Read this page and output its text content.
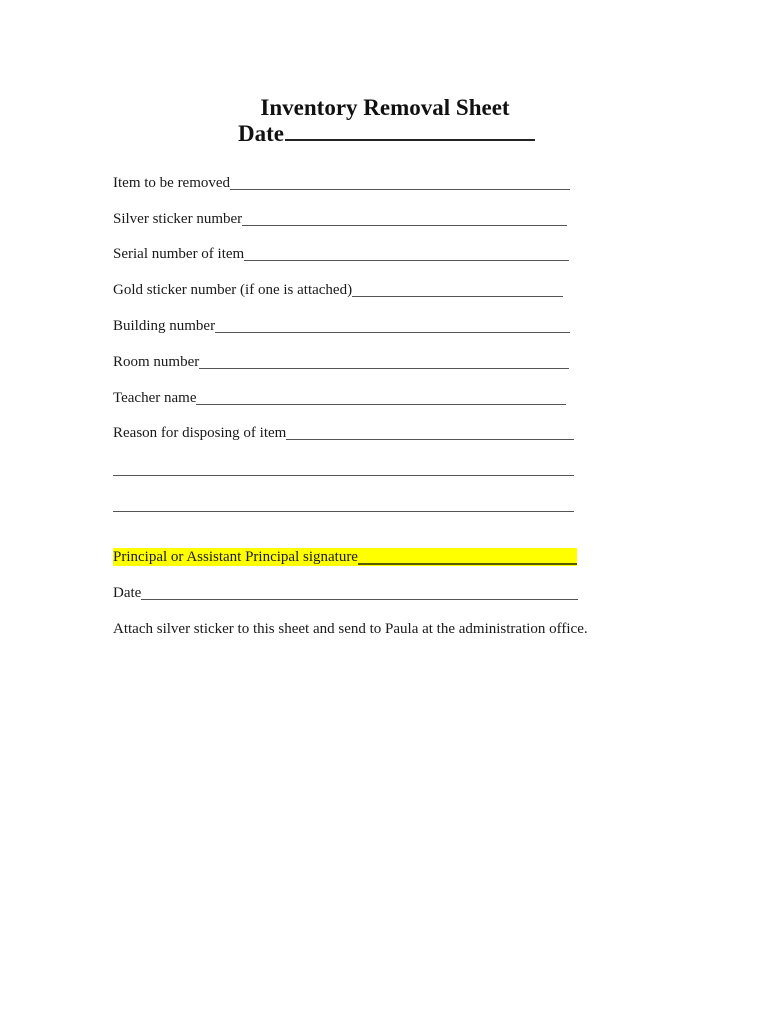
Inventory Removal Sheet
Date
Item to be removed
Silver sticker number
Serial number of item
Gold sticker number (if one is attached)
Building number
Room number
Teacher name
Reason for disposing of item
Principal or Assistant Principal signature
Date
Attach silver sticker to this sheet and send to Paula at the administration office.
